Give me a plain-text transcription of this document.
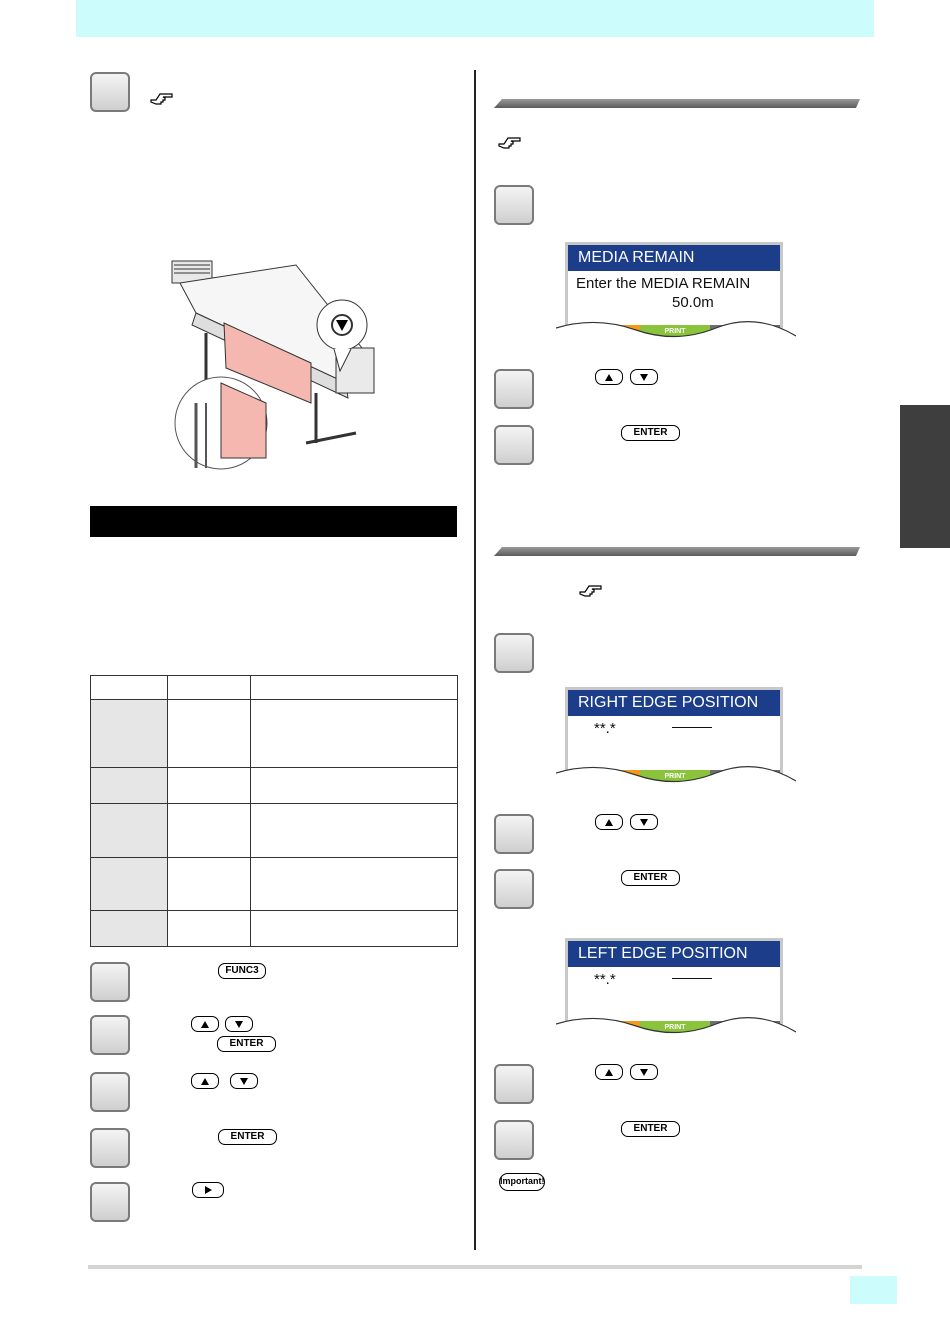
FUNC3
ENTER
ENTER
MEDIA REMAIN
Enter the MEDIA REMAIN
50.0m
PRINT
ENTER
RIGHT EDGE POSITION
**.*
PRINT
ENTER
LEFT EDGE POSITION
**.*
PRINT
ENTER
Important!
